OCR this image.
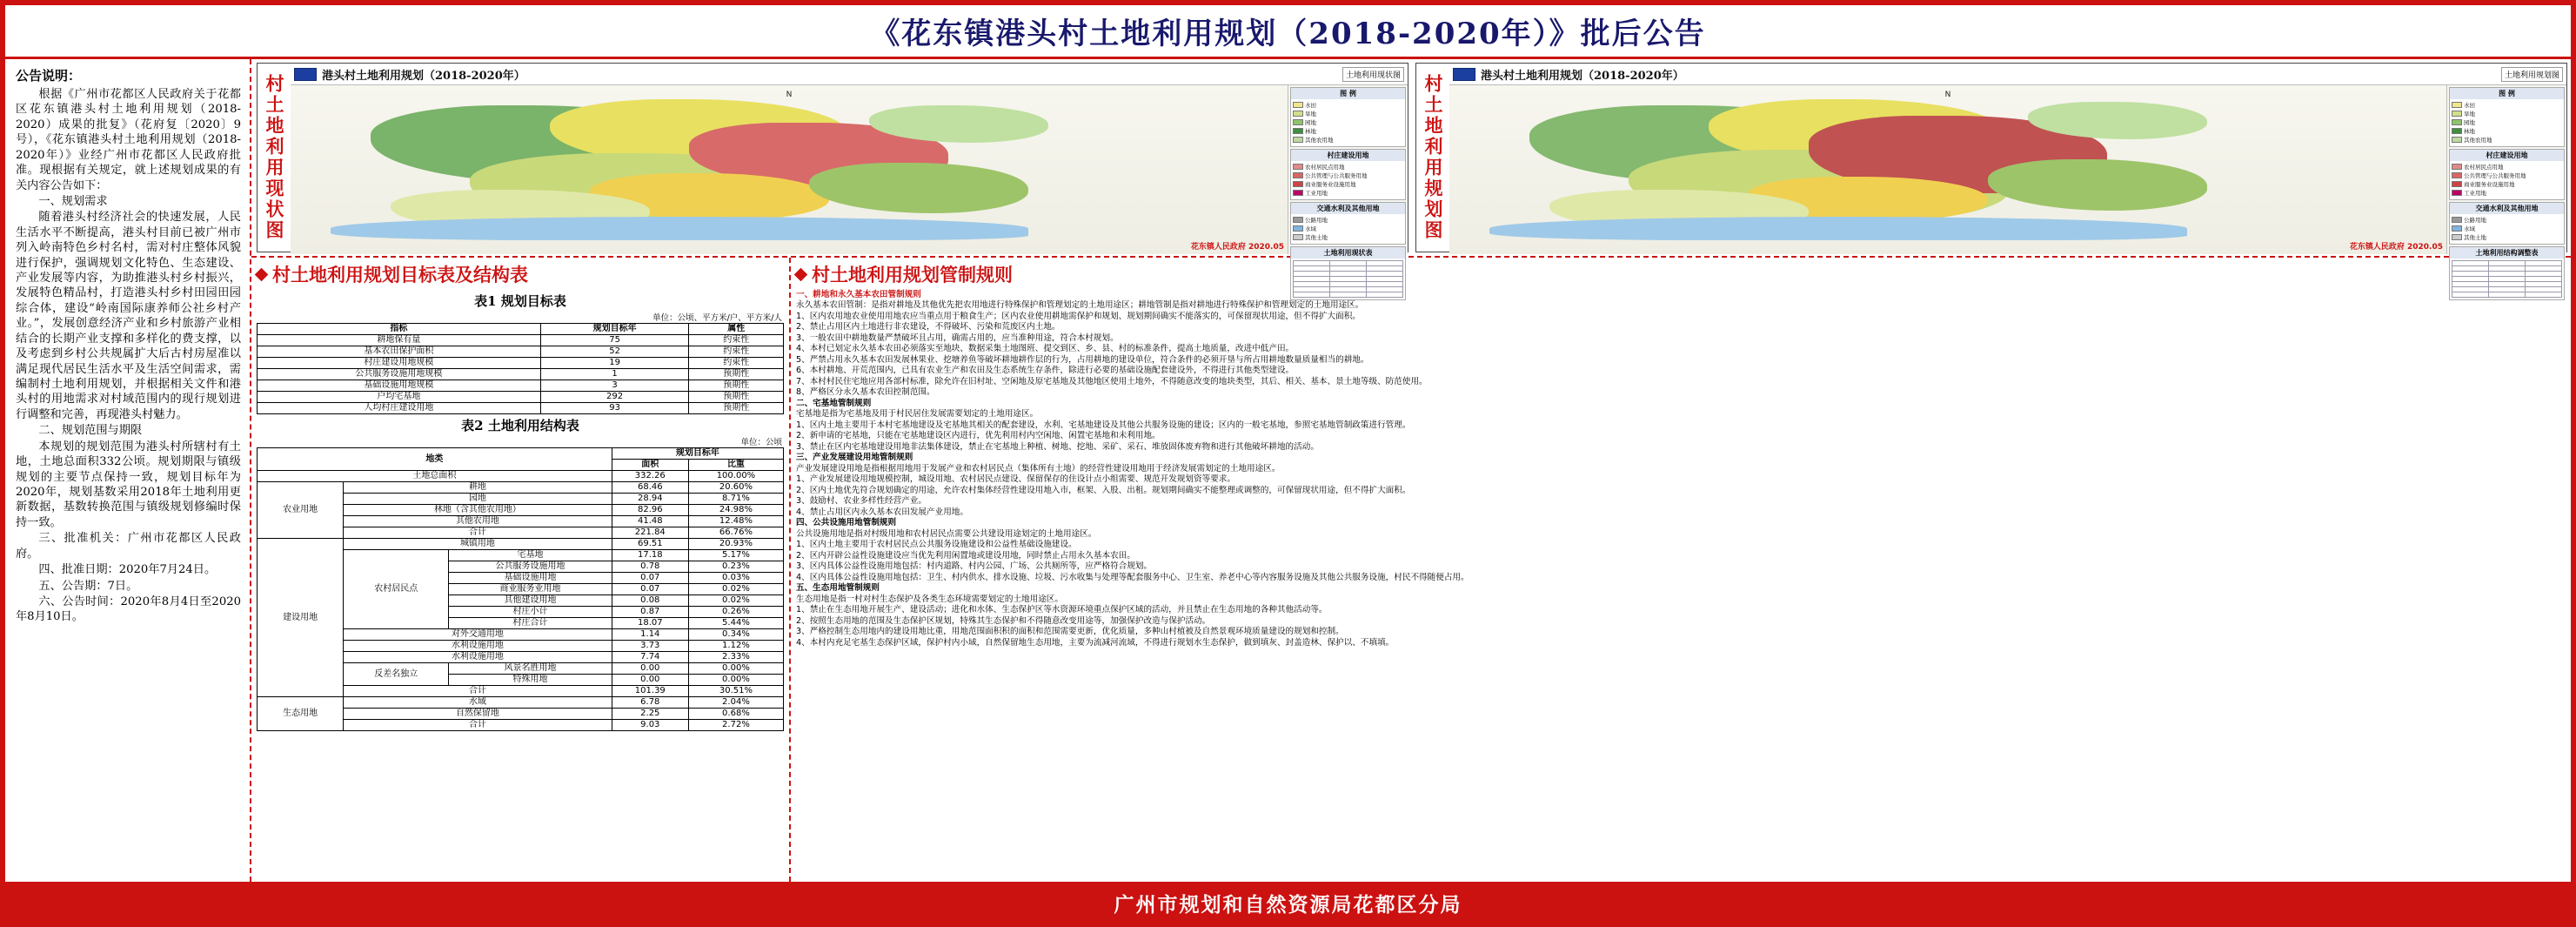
《花东镇港头村土地利用规划（2018-2020年）》批后公告
公告说明：

根据《广州市花都区人民政府关于花都区花东镇港头村土地利用规划（2018-2020）成果的批复》（花府复〔2020〕9号），《花东镇港头村土地利用规划（2018-2020年）》业经广州市花都区人民政府批准。现根据有关规定，就上述规划成果的有关内容公告如下：

一、规划需求

随着港头村经济社会的快速发展，人民生活水平不断提高，港头村目前已被广州市列入岭南特色乡村名村，需对村庄整体风貌进行保护，强调规划文化特色、生态建设、产业发展等内容，为助推港头村乡村振兴，发展特色精品村，打造港头村乡村田园田园综合体，建设“岭南国际康养师公社乡村产业。”，发展创意经济产业和乡村旅游产业相结合的长期产业支撑和多样化的费支撑，以及考虑到乡村公共规属扩大后古村房屋准以满足现代居民生活水平及生活空间需求，需编制村土地利用规划，并根据相关文件和港头村的用地需求对村域范围内的现行规划进行调整和完善，再现港头村魅力。

二、规划范围与期限

本规划的规划范围为港头村所辖村有土地，土地总面积332公顷。规划期限与镇级规划的主要节点保持一致，规划目标年为2020年，规划基数采用2018年土地利用更新数据，基数转换范围与镇级规划修编时保持一致。

三、批准机关：广州市花都区人民政府。

四、批准日期：2020年7月24日。

五、公告期：7日。

六、公告时间：2020年8月4日至2020年8月10日。

村土地利用现状图	港头村土地利用规划（2018-2020年）	土地利用现状图
N
花东镇人民政府 2020.05
图 例
水田
旱地
园地
林地
其他农用地
村庄建设用地
农村居民点用地
公共管理与公共服务用地
商业服务业设施用地
工业用地
交通水利及其他用地
公路用地
水域
其他土地
土地利用现状表

村土地利用规划图	港头村土地利用规划（2018-2020年）	土地利用规划图
N
花东镇人民政府 2020.05
图 例
水田
旱地
园地
林地
其他农用地
村庄建设用地
农村居民点用地
公共管理与公共服务用地
商业服务业设施用地
工业用地
交通水利及其他用地
公路用地
水域
其他土地
土地利用结构调整表

村土地利用规划目标表及结构表
表1 规划目标表
单位：公顷、平方米/户、平方米/人
指标	规划目标年	属性
耕地保有量	75	约束性
基本农田保护面积	52	约束性
村庄建设用地规模	19	约束性
公共服务设施用地规模	1	预期性
基础设施用地规模	3	预期性
户均宅基地	292	预期性
人均村庄建设用地	93	预期性
表2 土地利用结构表
单位：公顷
地类			规划目标年	
			面积	比重
土地总面积			332.26	100.00%
农业用地	耕地		68.46	20.60%
	园地		28.94	8.71%
	林地（含其他农用地）		82.96	24.98%
	其他农用地		41.48	12.48%
	合计		221.84	66.76%
建设用地	城镇用地		69.51	20.93%
	农村居民点	宅基地	17.18	5.17%
		公共服务设施用地	0.78	0.23%
		基础设施用地	0.07	0.03%
		商业服务业用地	0.07	0.02%
		其他建设用地	0.08	0.02%
		村庄小计	0.87	0.26%
		村庄合计	18.07	5.44%
	对外交通用地		1.14	0.34%
	水利设施用地		3.73	1.12%
	水利设施用地		7.74	2.33%
	反差名独立	风景名胜用地	0.00	0.00%
		特殊用地	0.00	0.00%
	合计		101.39	30.51%
生态用地	水域		6.78	2.04%
	自然保留地		2.25	0.68%
	合计		9.03	2.72%
村土地利用规划管制规则

一、耕地和永久基本农田管制规则

永久基本农田管制：是指对耕地及其他优先把农用地进行特殊保护和管理划定的土地用途区；耕地管制是指对耕地进行特殊保护和管理划定的土地用途区。

1、区内农用地农业使用用地农应当重点用于粮食生产；区内农业使用耕地需保护和规划、规划期间确实不能落实的，可保留现状用途，但不得扩大面积。

2、禁止占用区内土地进行非农建设，不得破坏、污染和荒废区内土地。

3、一般农田中耕地数量严禁破坏且占用，确需占用的，应当准种用途，符合本村规划。

4、本村已划定永久基本农田必须落实至地块、数据采集土地图班、提交到区、乡、县、村的标准条件，提高土地质量，改进中低产田。

5、严禁占用永久基本农田发展林果业、挖塘养鱼等破坏耕地耕作层的行为，占用耕地的建设单位，符合条件的必须开垦与所占用耕地数量质量相当的耕地。

6、本村耕地、开荒范围内，已具有农业生产和农田及生态系统生存条件，除进行必要的基础设施配套建设外，不得进行其他类型建设。

7、本村村民住宅地应用各部村标准，除允许在旧村址、空闲地及原宅基地及其他地区使用土地外，不得随意改变的地块类型，其后、相关、基本、景土地等级、防范使用。

8、严格区分永久基本农田控制范围。

二、宅基地管制规则

宅基地是指为宅基地及用于村民居住发展需要划定的土地用途区。

1、区内土地主要用于本村宅基地建设及宅基地其相关的配套建设，水利、宅基地建设及其他公共服务设施的建设；区内的一般宅基地，参照宅基地管制政策进行管理。

2、新申请的宅基地，只能在宅基地建设区内进行，优先利用村内空闲地、闲置宅基地和未利用地。

3、禁止在区内宅基地建设用地非法集体建设，禁止在宅基地上种植、树地、挖地、采矿、采石、堆放固体废弃物和进行其他破坏耕地的活动。

三、产业发展建设用地管制规则

产业发展建设用地是指根据用地用于发展产业和农村居民点（集体所有土地）的经营性建设用地用于经济发展需划定的土地用途区。

1、产业发展建设用地规模控制，城设用地、农村居民点建设、保留保存的住设计点小组需要、规范开发规划资等要求。

2、区内土地优先符合规划确定的用途，允许农村集体经营性建设用地入市，框架、入股、出租。规划期间确实不能整理或调整的，可保留现状用途，但不得扩大面积。

3、鼓励村、农业多样性经营产业。

4、禁止占用区内永久基本农田发展产业用地。

四、公共设施用地管制规则

公共设施用地是指对村级用地和农村居民点需要公共建设用途划定的土地用途区。

1、区内土地主要用于农村居民点公共服务设施建设和公益性基础设施建设。

2、区内开辟公益性设施建设应当优先利用闲置地或建设用地，同时禁止占用永久基本农田。

3、区内具体公益性设施用地包括：村内道路、村内公园、广场、公共厕所等，应严格符合规划。

4、区内具体公益性设施用地包括：卫生、村内供水、排水设施、垃圾、污水收集与处理等配套服务中心、卫生室、养老中心等内容服务设施及其他公共服务设施，村民不得随便占用。

五、生态用地管制规则

生态用地是指一村对村生态保护及各类生态环境需要划定的土地用途区。

1、禁止在生态用地开展生产、建设活动；进化和水体、生态保护区等水资源环境重点保护区域的活动，并且禁止在生态用地的各种其他活动等。

2、按照生态用地的范围及生态保护区规划，特殊其生态保护和不得随意改变用途等，加强保护改造与保护活动。

3、严格控制生态用地内的建设用地比重，用地范围面积积的面积和范围需要更新，优化质量，多种山村植被及自然景观环境质量建设的规划和控制。

4、本村内充足宅基生态保护区域，保护村内小域，自然保留地生态用地，主要为流减河流域，不得进行规划水生态保护，做到填灰、封盖造林、保护以、不填填。

广州市规划和自然资源局花都区分局
